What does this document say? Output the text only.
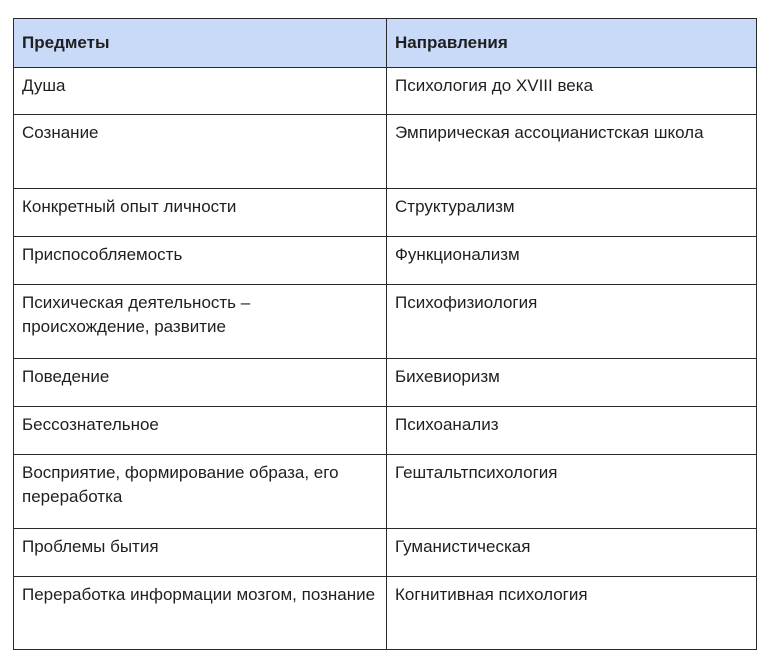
Предметы	Направления
Душа	Психология до XVIII века
Сознание	Эмпирическая ассоцианистская школа
Конкретный опыт личности	Структурализм
Приспособляемость	Функционализм
Психическая деятельность – происхождение, развитие	Психофизиология
Поведение	Бихевиоризм
Бессознательное	Психоанализ
Восприятие, формирование образа, его переработка	Гештальтпсихология
Проблемы бытия	Гуманистическая
Переработка информации мозгом, познание	Когнитивная психология
